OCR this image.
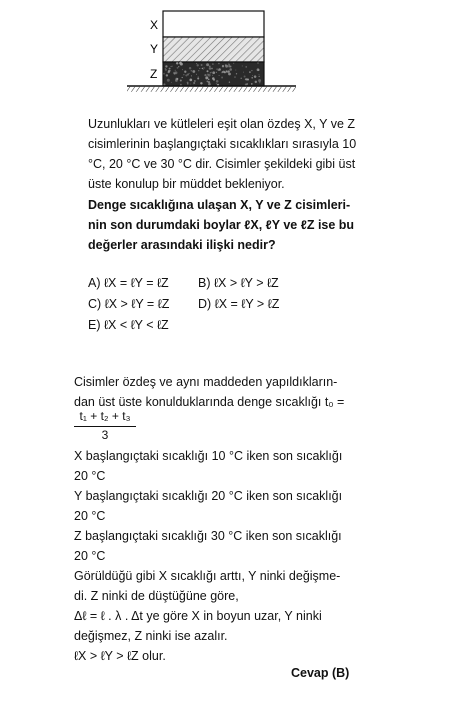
X
Y
Z
Uzunlukları ve kütleleri eşit olan özdeş X, Y ve Z
cisimlerinin başlangıçtaki sıcaklıkları sırasıyla 10
°C, 20 °C ve 30 °C dir. Cisimler şekildeki gibi üst
üste konulup bir müddet bekleniyor.
Denge sıcaklığına ulaşan X, Y ve Z cisimleri-
nin son durumdaki boylar ℓX, ℓY ve ℓZ ise bu
değerler arasındaki ilişki nedir?
A) ℓX = ℓY = ℓZ B) ℓX > ℓY > ℓZ
C) ℓX > ℓY = ℓZ D) ℓX = ℓY > ℓZ
E) ℓX < ℓY < ℓZ
Cisimler özdeş ve aynı maddeden yapıldıkların-
dan üst üste konulduklarında denge sıcaklığı t₀ =
t₁ + t₂ + t₃
3
X başlangıçtaki sıcaklığı 10 °C iken son sıcaklığı
20 °C
Y başlangıçtaki sıcaklığı 20 °C iken son sıcaklığı
20 °C
Z başlangıçtaki sıcaklığı 30 °C iken son sıcaklığı
20 °C
Görüldüğü gibi X sıcaklığı arttı, Y ninki değişme-
di. Z ninki de düştüğüne göre,
Δℓ = ℓ . λ . Δt ye göre X in boyun uzar, Y ninki
değişmez, Z ninki ise azalır.
ℓX > ℓY > ℓZ olur.
Cevap (B)
